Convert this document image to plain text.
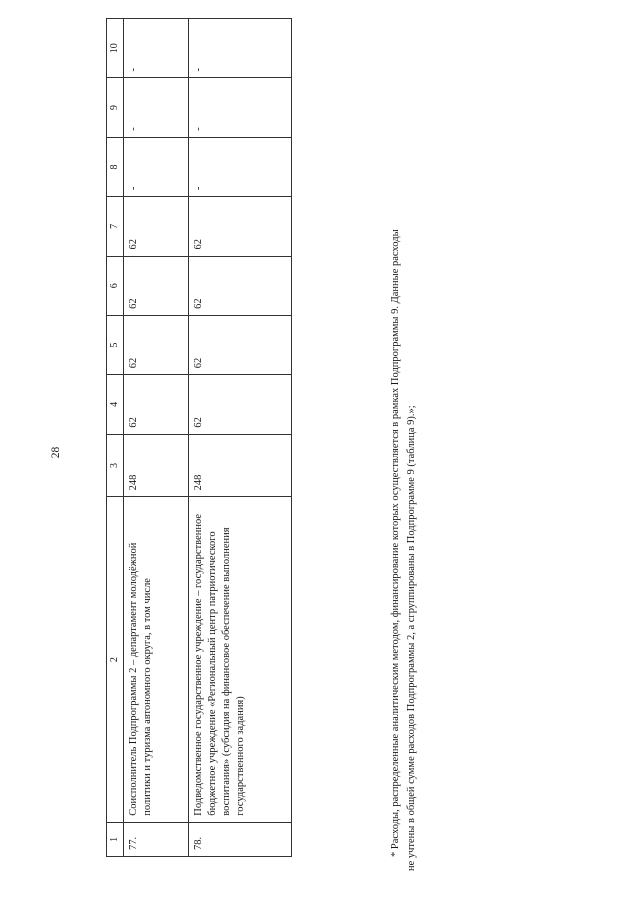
28
1	2	3	4	5	6	7	8	9	10
77.	Соисполнитель Подпрограммы 2 – департамент молодёжной политики и туризма автономного округа, в том числе	248	62	62	62	62	-	-	-
78.	Подведомственное государственное учреждение – государственное бюджетное учреждение «Региональный центр патриотического воспитания» (субсидия на финансовое обеспечение выполнения государственного задания)	248	62	62	62	62	-	-	-
* Расходы, распределенные аналитическим методом, финансирование которых осуществляется в рамках Подпрограммы 9. Данные расходы не учтены в общей сумме расходов Подпрограммы 2, а сгруппированы в Подпрограмме 9 (таблица 9).»;
